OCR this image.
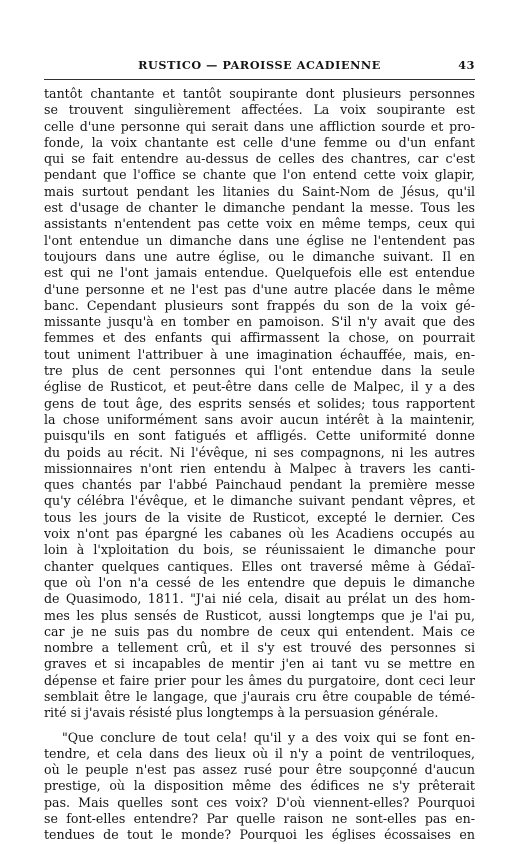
RUSTICO — PAROISSE ACADIENNE	43
tantôt chantante et tantôt soupirante dont plusieurs personnes
se trouvent singulièrement affectées. La voix soupirante est
celle d'une personne qui serait dans une affliction sourde et pro-
fonde, la voix chantante est celle d'une femme ou d'un enfant
qui se fait entendre au-dessus de celles des chantres, car c'est
pendant que l'office se chante que l'on entend cette voix glapir,
mais surtout pendant les litanies du Saint-Nom de Jésus, qu'il
est d'usage de chanter le dimanche pendant la messe. Tous les
assistants n'entendent pas cette voix en même temps, ceux qui
l'ont entendue un dimanche dans une église ne l'entendent pas
toujours dans une autre église, ou le dimanche suivant. Il en
est qui ne l'ont jamais entendue. Quelquefois elle est entendue
d'une personne et ne l'est pas d'une autre placée dans le même
banc. Cependant plusieurs sont frappés du son de la voix gé-
missante jusqu'à en tomber en pamoison. S'il n'y avait que des
femmes et des enfants qui affirmassent la chose, on pourrait
tout uniment l'attribuer à une imagination échauffée, mais, en-
tre plus de cent personnes qui l'ont entendue dans la seule
église de Rusticot, et peut-être dans celle de Malpec, il y a des
gens de tout âge, des esprits sensés et solides; tous rapportent
la chose uniformément sans avoir aucun intérêt à la maintenir,
puisqu'ils en sont fatigués et affligés. Cette uniformité donne
du poids au récit. Ni l'évêque, ni ses compagnons, ni les autres
missionnaires n'ont rien entendu à Malpec à travers les canti-
ques chantés par l'abbé Painchaud pendant la première messe
qu'y célébra l'évêque, et le dimanche suivant pendant vêpres, et
tous les jours de la visite de Rusticot, excepté le dernier. Ces
voix n'ont pas épargné les cabanes où les Acadiens occupés au
loin à l'xploitation du bois, se réunissaient le dimanche pour
chanter quelques cantiques. Elles ont traversé même à Gédaï-
que où l'on n'a cessé de les entendre que depuis le dimanche
de Quasimodo, 1811. "J'ai nié cela, disait au prélat un des hom-
mes les plus sensés de Rusticot, aussi longtemps que je l'ai pu,
car je ne suis pas du nombre de ceux qui entendent. Mais ce
nombre a tellement crû, et il s'y est trouvé des personnes si
graves et si incapables de mentir j'en ai tant vu se mettre en
dépense et faire prier pour les âmes du purgatoire, dont ceci leur
semblait être le langage, que j'aurais cru être coupable de témé-
rité si j'avais résisté plus longtemps à la persuasion générale.
"Que conclure de tout cela! qu'il y a des voix qui se font en-
tendre, et cela dans des lieux où il n'y a point de ventriloques,
où le peuple n'est pas assez rusé pour être soupçonné d'aucun
prestige, où la disposition même des édifices ne s'y prêterait
pas. Mais quelles sont ces voix? D'où viennent-elles? Pourquoi
se font-elles entendre? Par quelle raison ne sont-elles pas en-
tendues de tout le monde? Pourquoi les églises écossaises en
